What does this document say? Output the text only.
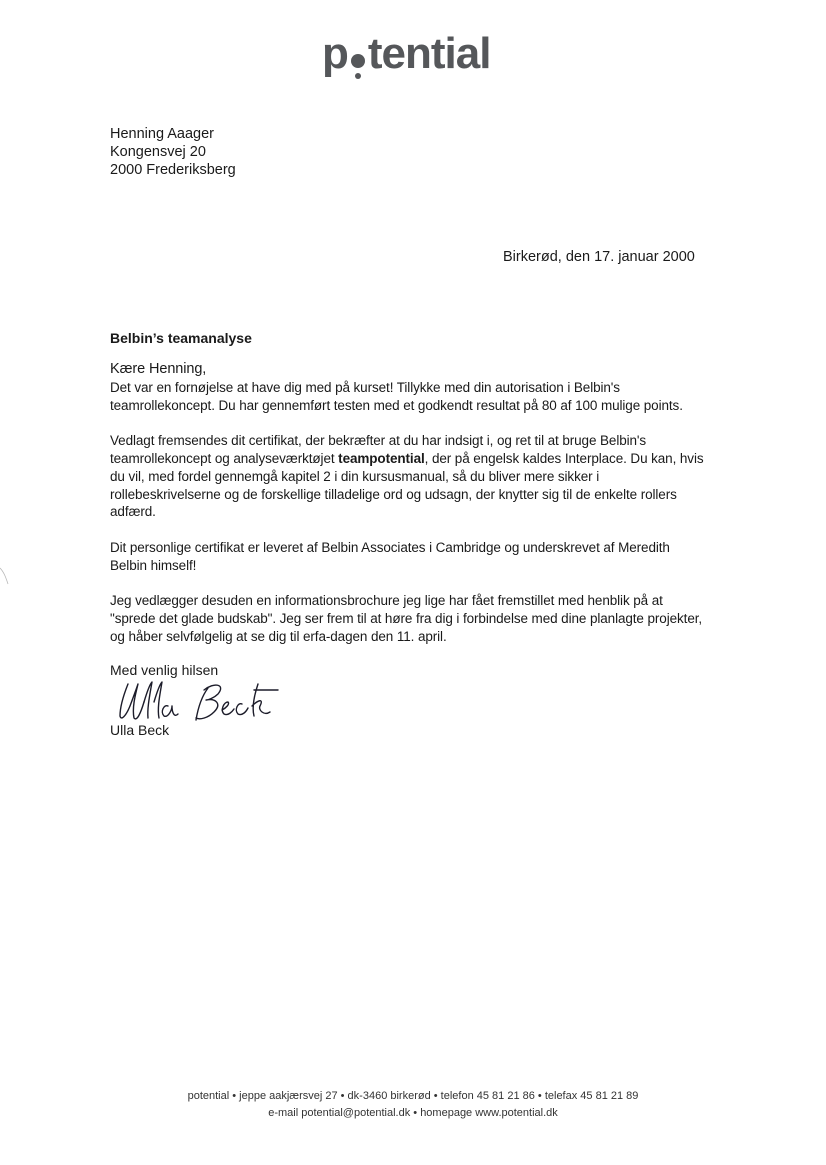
p tential
Henning Aaager
Kongensvej 20
2000 Frederiksberg
Birkerød, den 17. januar 2000
Belbin’s teamanalyse

Kære Henning,

Det var en fornøjelse at have dig med på kurset! Tillykke med din autorisation i Belbin's teamrollekoncept. Du har gennemført testen med et godkendt resultat på 80 af 100 mulige points.

Vedlagt fremsendes dit certifikat, der bekræfter at du har indsigt i, og ret til at bruge Belbin's teamrollekoncept og analyseværktøjet teampotential, der på engelsk kaldes Interplace. Du kan, hvis du vil, med fordel gennemgå kapitel 2 i din kursusmanual, så du bliver mere sikker i rollebeskrivelserne og de forskellige tilladelige ord og udsagn, der knytter sig til de enkelte rollers adfærd.

Dit personlige certifikat er leveret af Belbin Associates i Cambridge og underskrevet af Meredith Belbin himself!

Jeg vedlægger desuden en informationsbrochure jeg lige har fået fremstillet med henblik på at "sprede det glade budskab". Jeg ser frem til at høre fra dig i forbindelse med dine planlagte projekter, og håber selvfølgelig at se dig til erfa-dagen den 11. april.

Med venlig hilsen
Ulla Beck
potential • jeppe aakjærsvej 27 • dk-3460 birkerød • telefon 45 81 21 86 • telefax 45 81 21 89
e-mail potential@potential.dk • homepage www.potential.dk
